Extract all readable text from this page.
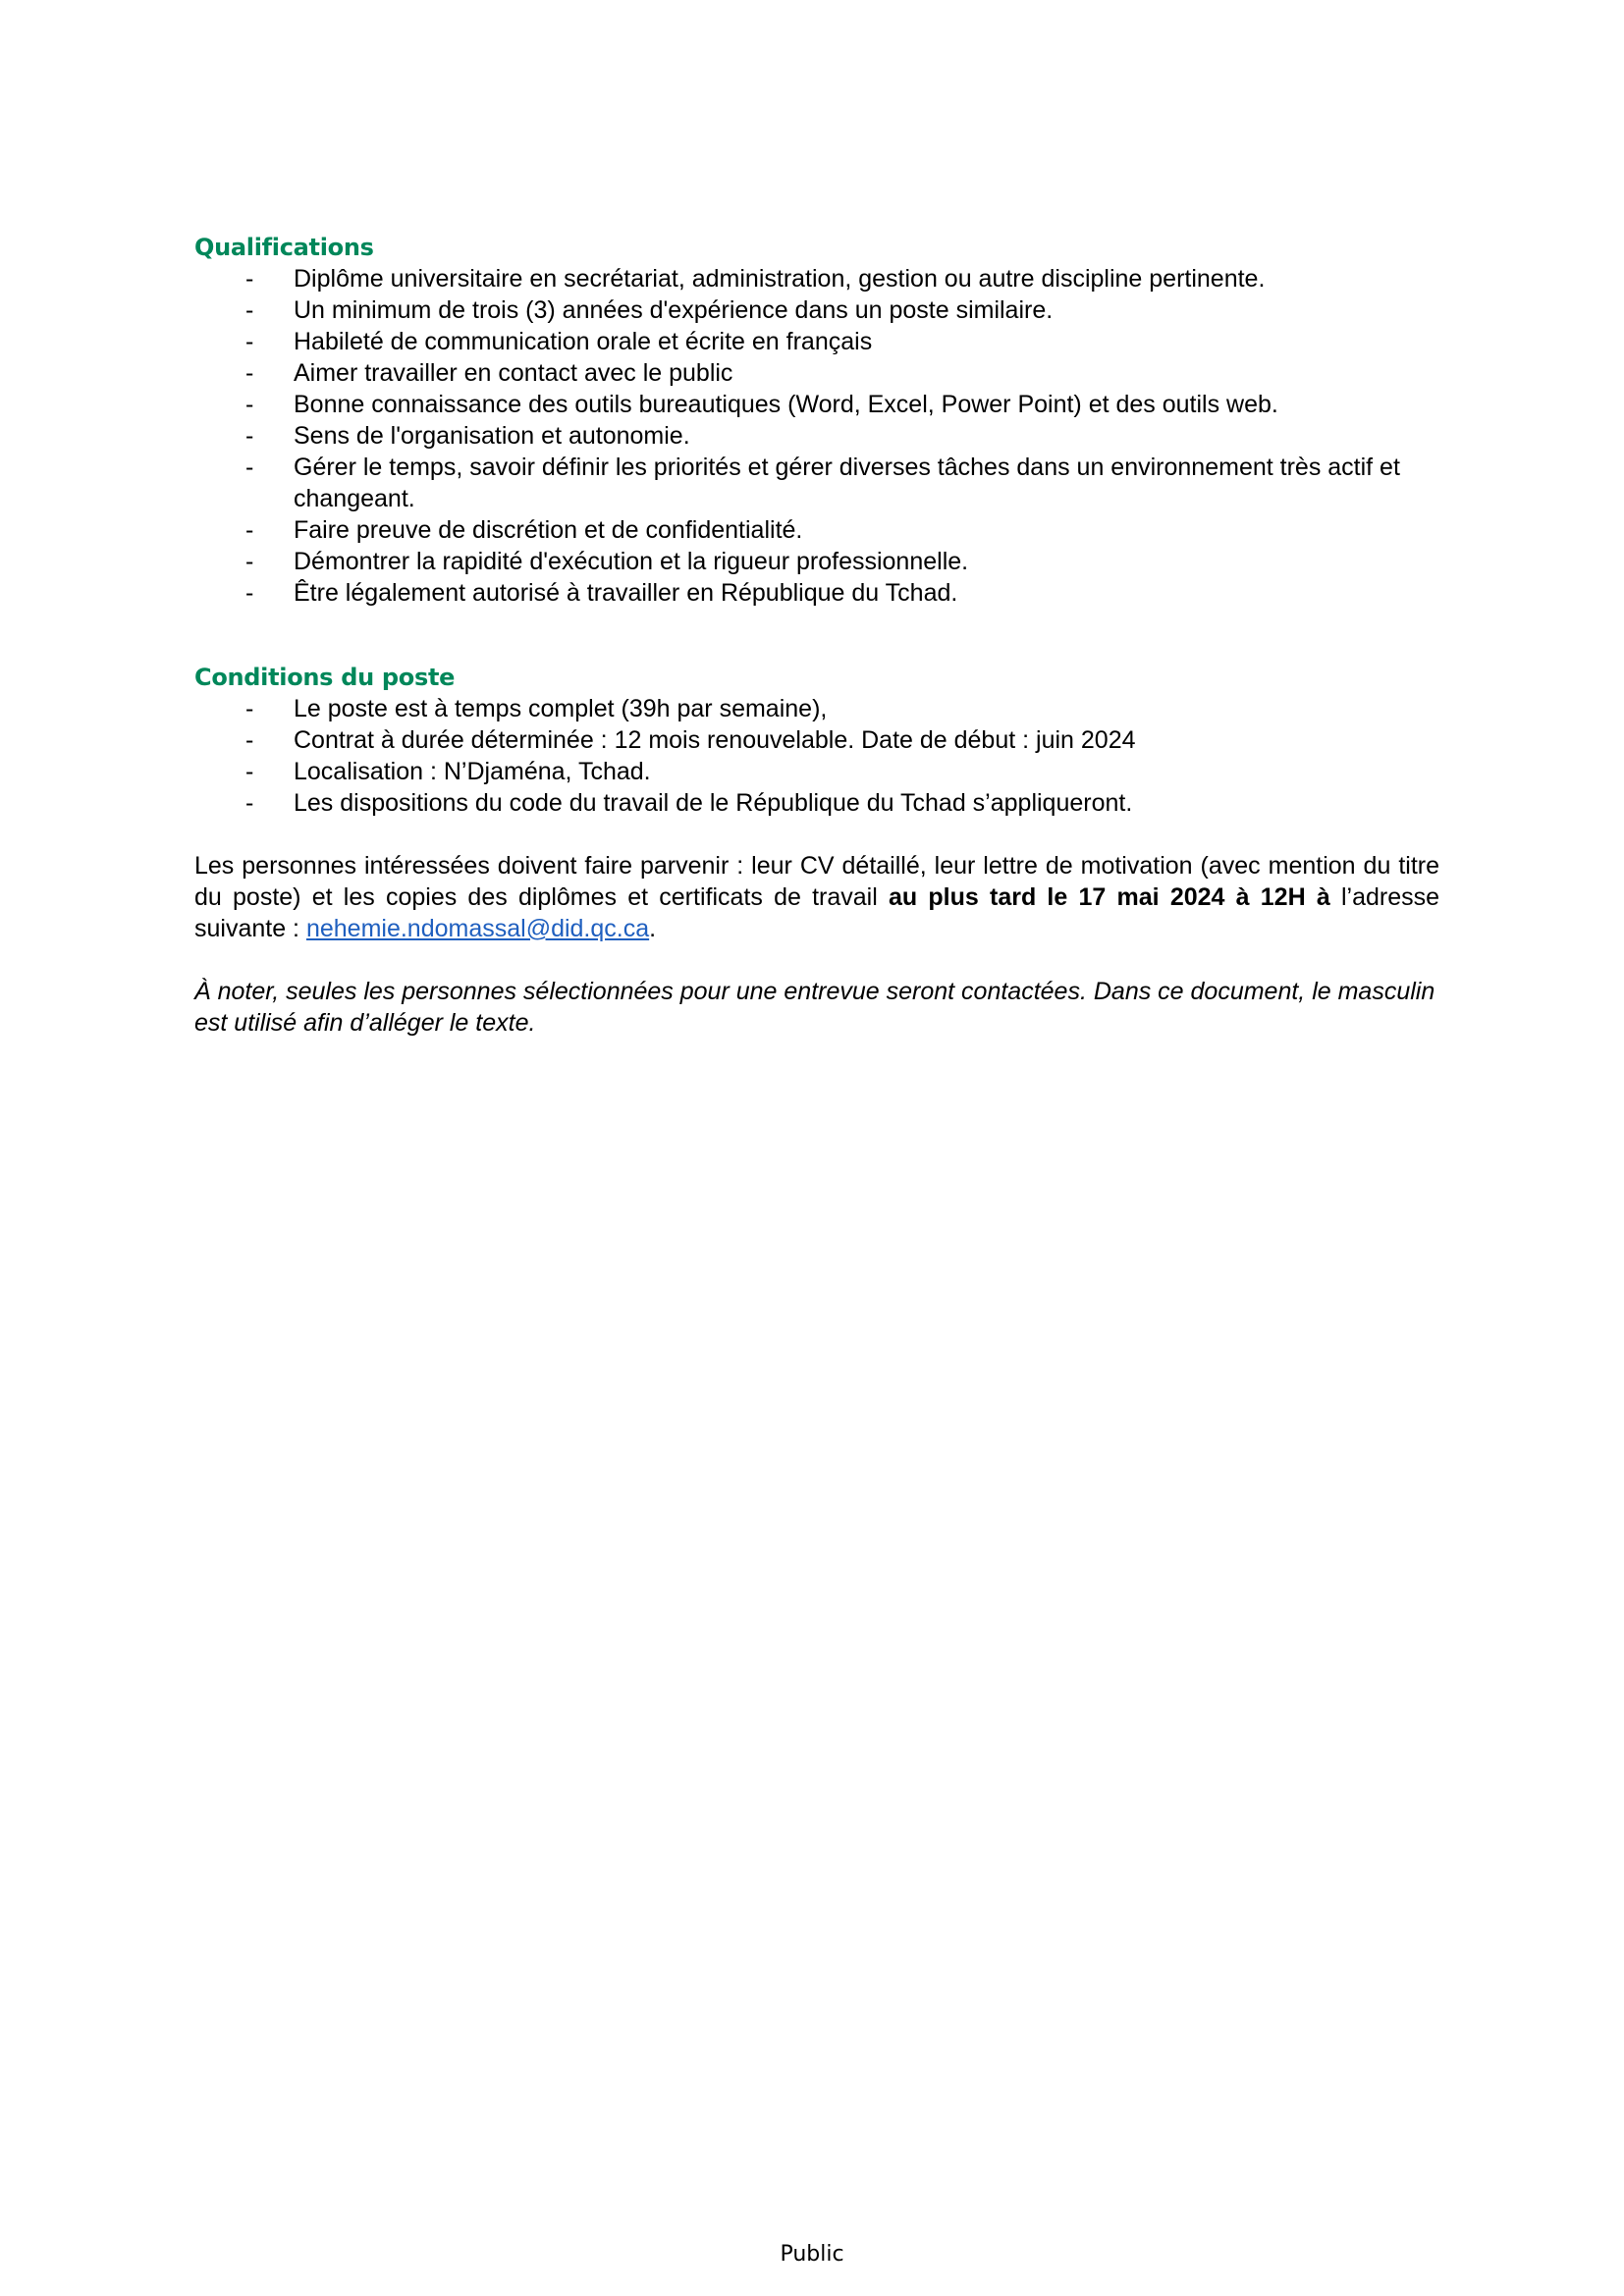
Qualifications
- Diplôme universitaire en secrétariat, administration, gestion ou autre discipline pertinente.
- Un minimum de trois (3) années d'expérience dans un poste similaire.
- Habileté de communication orale et écrite en français
- Aimer travailler en contact avec le public
- Bonne connaissance des outils bureautiques (Word, Excel, Power Point) et des outils web.
- Sens de l'organisation et autonomie.
- Gérer le temps, savoir définir les priorités et gérer diverses tâches dans un environnement très actif et changeant.
- Faire preuve de discrétion et de confidentialité.
- Démontrer la rapidité d'exécution et la rigueur professionnelle.
- Être légalement autorisé à travailler en République du Tchad.
Conditions du poste
- Le poste est à temps complet (39h par semaine),
- Contrat à durée déterminée : 12 mois renouvelable. Date de début : juin 2024
- Localisation : N’Djaména, Tchad.
- Les dispositions du code du travail de le République du Tchad s’appliqueront.

Les personnes intéressées doivent faire parvenir : leur CV détaillé, leur lettre de motivation (avec mention du titre du poste) et les copies des diplômes et certificats de travail au plus tard le 17 mai 2024 à 12H à l’adresse suivante : nehemie.ndomassal@did.qc.ca.

À noter, seules les personnes sélectionnées pour une entrevue seront contactées. Dans ce document, le masculin est utilisé afin d’alléger le texte.

Public
